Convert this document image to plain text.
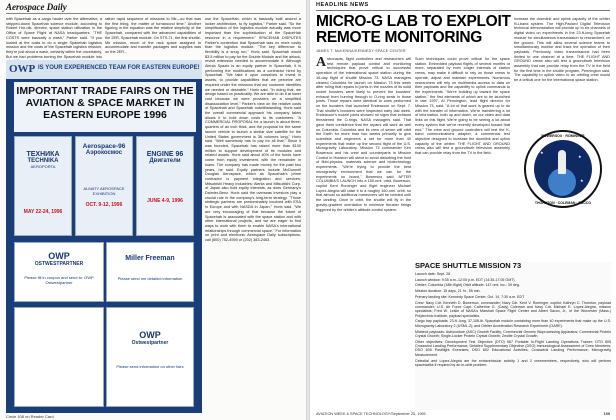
Aerospace Daily

with Spacehab as a cargo hauler over the alternative, a stripped-down Spacehab science module, according to Robert Hor-nik, director, space station utilization in the Office of Space Flight at NASA headquarters. "THE COSTS were basically a wash," Parker said. "If you looked at the costs to do a single Spacehab logistics mission and the costs of the Spacehab logistics mission, they're just about a wash, certainly within the uncertainty. But we had problems turning the Spacehab module into

rather rapid sequence of missions to Mir—so that was the first thing, the matter of turnaround time." Another figuring in the equation was the relative simplicity of the Spacehab, compared with the advanced capabilities of the 2ER, Spacehab module. On STS-71, the first shuttle-Mir mission, much of the rack space assigned to accommodate and transfer packages and supplies was on the 2ER...

use the SpaceHab, which is basically built around a locker architecture, to fly logistics," Parker said. "So the simplification of the logistics module actually was more important than the sophistication of the SpaceHab resource in a requirement." SPACEHAB DISPUTES Parker's contention that Spacehab was no more costly than the logistics module. "The key difference to flexibility is a snug run," Horix said. Spacehab would $3.5 million to pay for the Double Module and the airlock, revisit extension needed to accommodate it. Although Alenia Spazio is an equity partner in Spacehab, it is performing the modifications as a contractor hired by Spacehab. "We take it upon ourselves to invest in assets, to provide capabilities that we perceive are required under the missions that our customer identifies we needed or desirable," Horix said. "In doing that, we design based on practicality. We are able to do it at lower cost because we were providers on a simplified disassociation level." Parker's view on the relative costs of Spacehab and Spacehab notwithstanding, Horix said the overall commercial approach his company takes allows it to hold down costs to its customers. "A COMMERCIAL PROPOSAL for a launch is about three-quarters of an inch thick, and the proposal for the same launch vehicle to launch a similar size satellite for the United States government is 36 volumes long," Horix said. "Well somebody has to pay for all that." Since it was founded, Spacehab has raised more than $100 million to support development of its modules and related assets. Horix said about 40% of the funds have come from equity investment, with the remainder in loans. The company has made money for the past two years, he said. Equity partners include McDonnell Douglas Aerospace, which as Spacehab's prime contractor is payment integration and services; Mitsubishi Heavy Industries; Alenia and Mitsubishi Corp. of Japan also hold equity interests, as does Germany's Daimler-Benz. Horix said the overseas investors play a crucial role in the company's long-term strategy. "Those strategic partners are predominately involved with ESA in Europe and with NASDA in Japan," Horix said. "We are very encouraging of that because the future of Spacehab is associated with the space station and with other international projects, and we are eager to find ways to work with them to enable NASA's international relationships through commercial space." For information on print and electronic Aerospace Daily subscriptions, call (800) 752-4959 or (202) 383-2463.

OWP IS YOUR EXPERIENCED TEAM FOR EASTERN EUROPE!
IMPORTANT TRADE FAIRS ON THE AVIATION & SPACE MARKET IN EASTERN EUROPE 1996
ТЕХНИКА
TECHNIKA
AEROPORTA
MAY 22-24, 1996
Aerospace-96
Аэрокосмос
ALMATY AEROSPACE EXHIBITION
OCT. 9-12, 1996
ENGINE 96
Двигатели
JUNE 4-9, 1996
OWP
OSTWESTPARTNER
Please fill in coupon and send to: OWP Ostwestpartner
Miller Freeman
Please send me detailed information
OWP
Ostwestpartner
Please send information on other fairs
Circle 108 on Reader Card
HEADLINE NEWS
MICRO-G LAB TO EXPLOIT REMOTE MONITORING
JAMES T. McKENNA/KENNEDY SPACE CENTER
A stronauts, flight controllers and researchers will test remote payload control and monitoring techniques that prove critical to successful operation of the international space station during the 16-day flight of shuttle Mission 73. NASA managers cleared Columbia for launch on Mission 73 this week after ruling that repairs to joints in the nozzles of its solid rocket boosters were likely to prevent the boosters' exhaust from burning through to O-ring seals in those joints. Those repairs were identical to ones performed on the boosters that launched Endeavour on Sept. 7. That shuttle's boosters were inspected early last week. Endeavour's nozzle joints showed no signs that exhaust threatened the O-rings, NASA managers said. That gave them confidence that the repairs will work as well on Columbia. Columbia and its crew of seven will orbit the Earth for more than two weeks primarily to give scientists and engineers a set for more than 40 experiments that make up the second flight of the U.S. Microgravity Laboratory. Mission 73 commander Ken Bowersox and his crew and counterparts in Mission Control in Houston will strive to avoid disturbing the host of fluid-physics, materials science and biotechnology experiments. "We're trying to provide the best microgravity environment that we can for the experiments on board," Bowersox said. AFTER COLUMBIA'S LAUNCH into a 150-nmi. orbit, Bowersox, copilot Kent Rominger and flight engineer Michael Lopez-Alegria will raise it to a roughly 160-nmi. orbit, so that almost no additional maneuvers will be needed until the landing. Once in orbit, the shuttle will fly in the gravity-gradient orientation to minimize thruster firings triggered by the orbiter's attitude-control system.

Such techniques could prove critical for the space station. Embedded payload flights of several months or more, separated by even longer intervals of station crews, may make it difficult to rely on those crews to operate, adjust and maintain experiments. Numerous researchers will rely on multimedia access to data on their payloads and the capability to uplink commands to the experiments. "We're building up toward the space station," the first elements of which are to be launched in late 1997, Al Pennington, lead flight director for Mission 73, said. "A lot of that work is geared up to do with the transfer of information. We're transferring a lot of information, both up and down, on our video and data links on this flight. We're going to be seeing a lot about every system that we've recently developed toward that end." The crew and ground controllers will test the K-band communications adapter, a commercial test objective designed to increase the downlink and uplink capacity of the orbiter. THE FLIGHT AND GROUND crews also will test a groundtruth television assembly that can provide relay from the TV in the field.

increase the downlink and uplink capacity of the orbiter Ku-band system. The High-Packed Digital Television technical demonstration will provide up to six channels of digital video on experiments in the 23-ft-long Spacelab module for simultaneous transmission to researchers on the ground. This will allow several science teams to simultaneously monitor and track the operation of their payloads. Previously, video transmissions had been limited to one channel at a time. THE FLIGHT AND GROUND crews also will test a groundtruth television assembly that can provide relay from the TV in the field for the first time in the shuttle program, Pennington said. The capability to uplink video to an orbiting crew would be a critical one for the international space station.

BOWERSOX · ROMINGER
★
★
★
THORNTON · COLEMAN · SACCO
SPACE SHUTTLE MISSION 73

Launch date: Sept. 28

Launch window: 9:35 a.m.-12:05 p.m. EDT (14:35-17:05 GMT)

Orbiter: Columbia (18th flight) Orbit altitude: 147 nmi. inc.: 39 deg.

Mission duration: 15 days, 21 hr., 55 min.

Primary landing site: Kennedy Space Center, Oct. 14, 7:30 a.m. EDT

Crew: Navy Cdr. Kenneth D. Bowersox, commander; Navy Cdr. Kent V. Rominger, copilot; Kathryn C. Thornton, payload commander; U.S. Air Force Capt. Catherine G. (Cady) Coleman and Navy Cdr. Michael E. Lopez-Alegria, mission specialists; Fred W. Leslie of NASA's Marshall Space Flight Center and Albert Sacco, Jr., of the Worcester (Mass.) Polytechnic Institute, payload specialists.

Cargo bay payloads: 23-ft.-long, 37,108-lb. Spacelab module containing more than 40 experiments that make up the U.S. Microgravity Laboratory 2 (USML-2); and Orbiter Acceleration Research Experiment (OARE).

Middeck payloads: Astroculture (ASC) Growth Facility; Commercial Generic Bioprocessing Apparatus; Commercial Protein Crystal Growth; Single-Locker Protein Crystal Growth; Zeolite Crystal Growth.

Other objectives: Development Test Objective (DTO) 667 Portable In-Flight Landing Operations Trainer; DTO 805 Crosswind Landing Performance; Detailed Supplementary Objective (DSO) Immunological Assessment of Crew Members; DSO 605 Postflight Exercises; DSO 802 Educational Activities; Crosswind Landing Performance; Microgravity Measurement.

Celestial and Lopez-Alegria are the extravehicular activity 1 and 2 crewmembers, respectively, who will perform spacewalks if required by an in-orbit problem.

AVIATION WEEK & SPACE TECHNOLOGY/September 25, 1995	109
